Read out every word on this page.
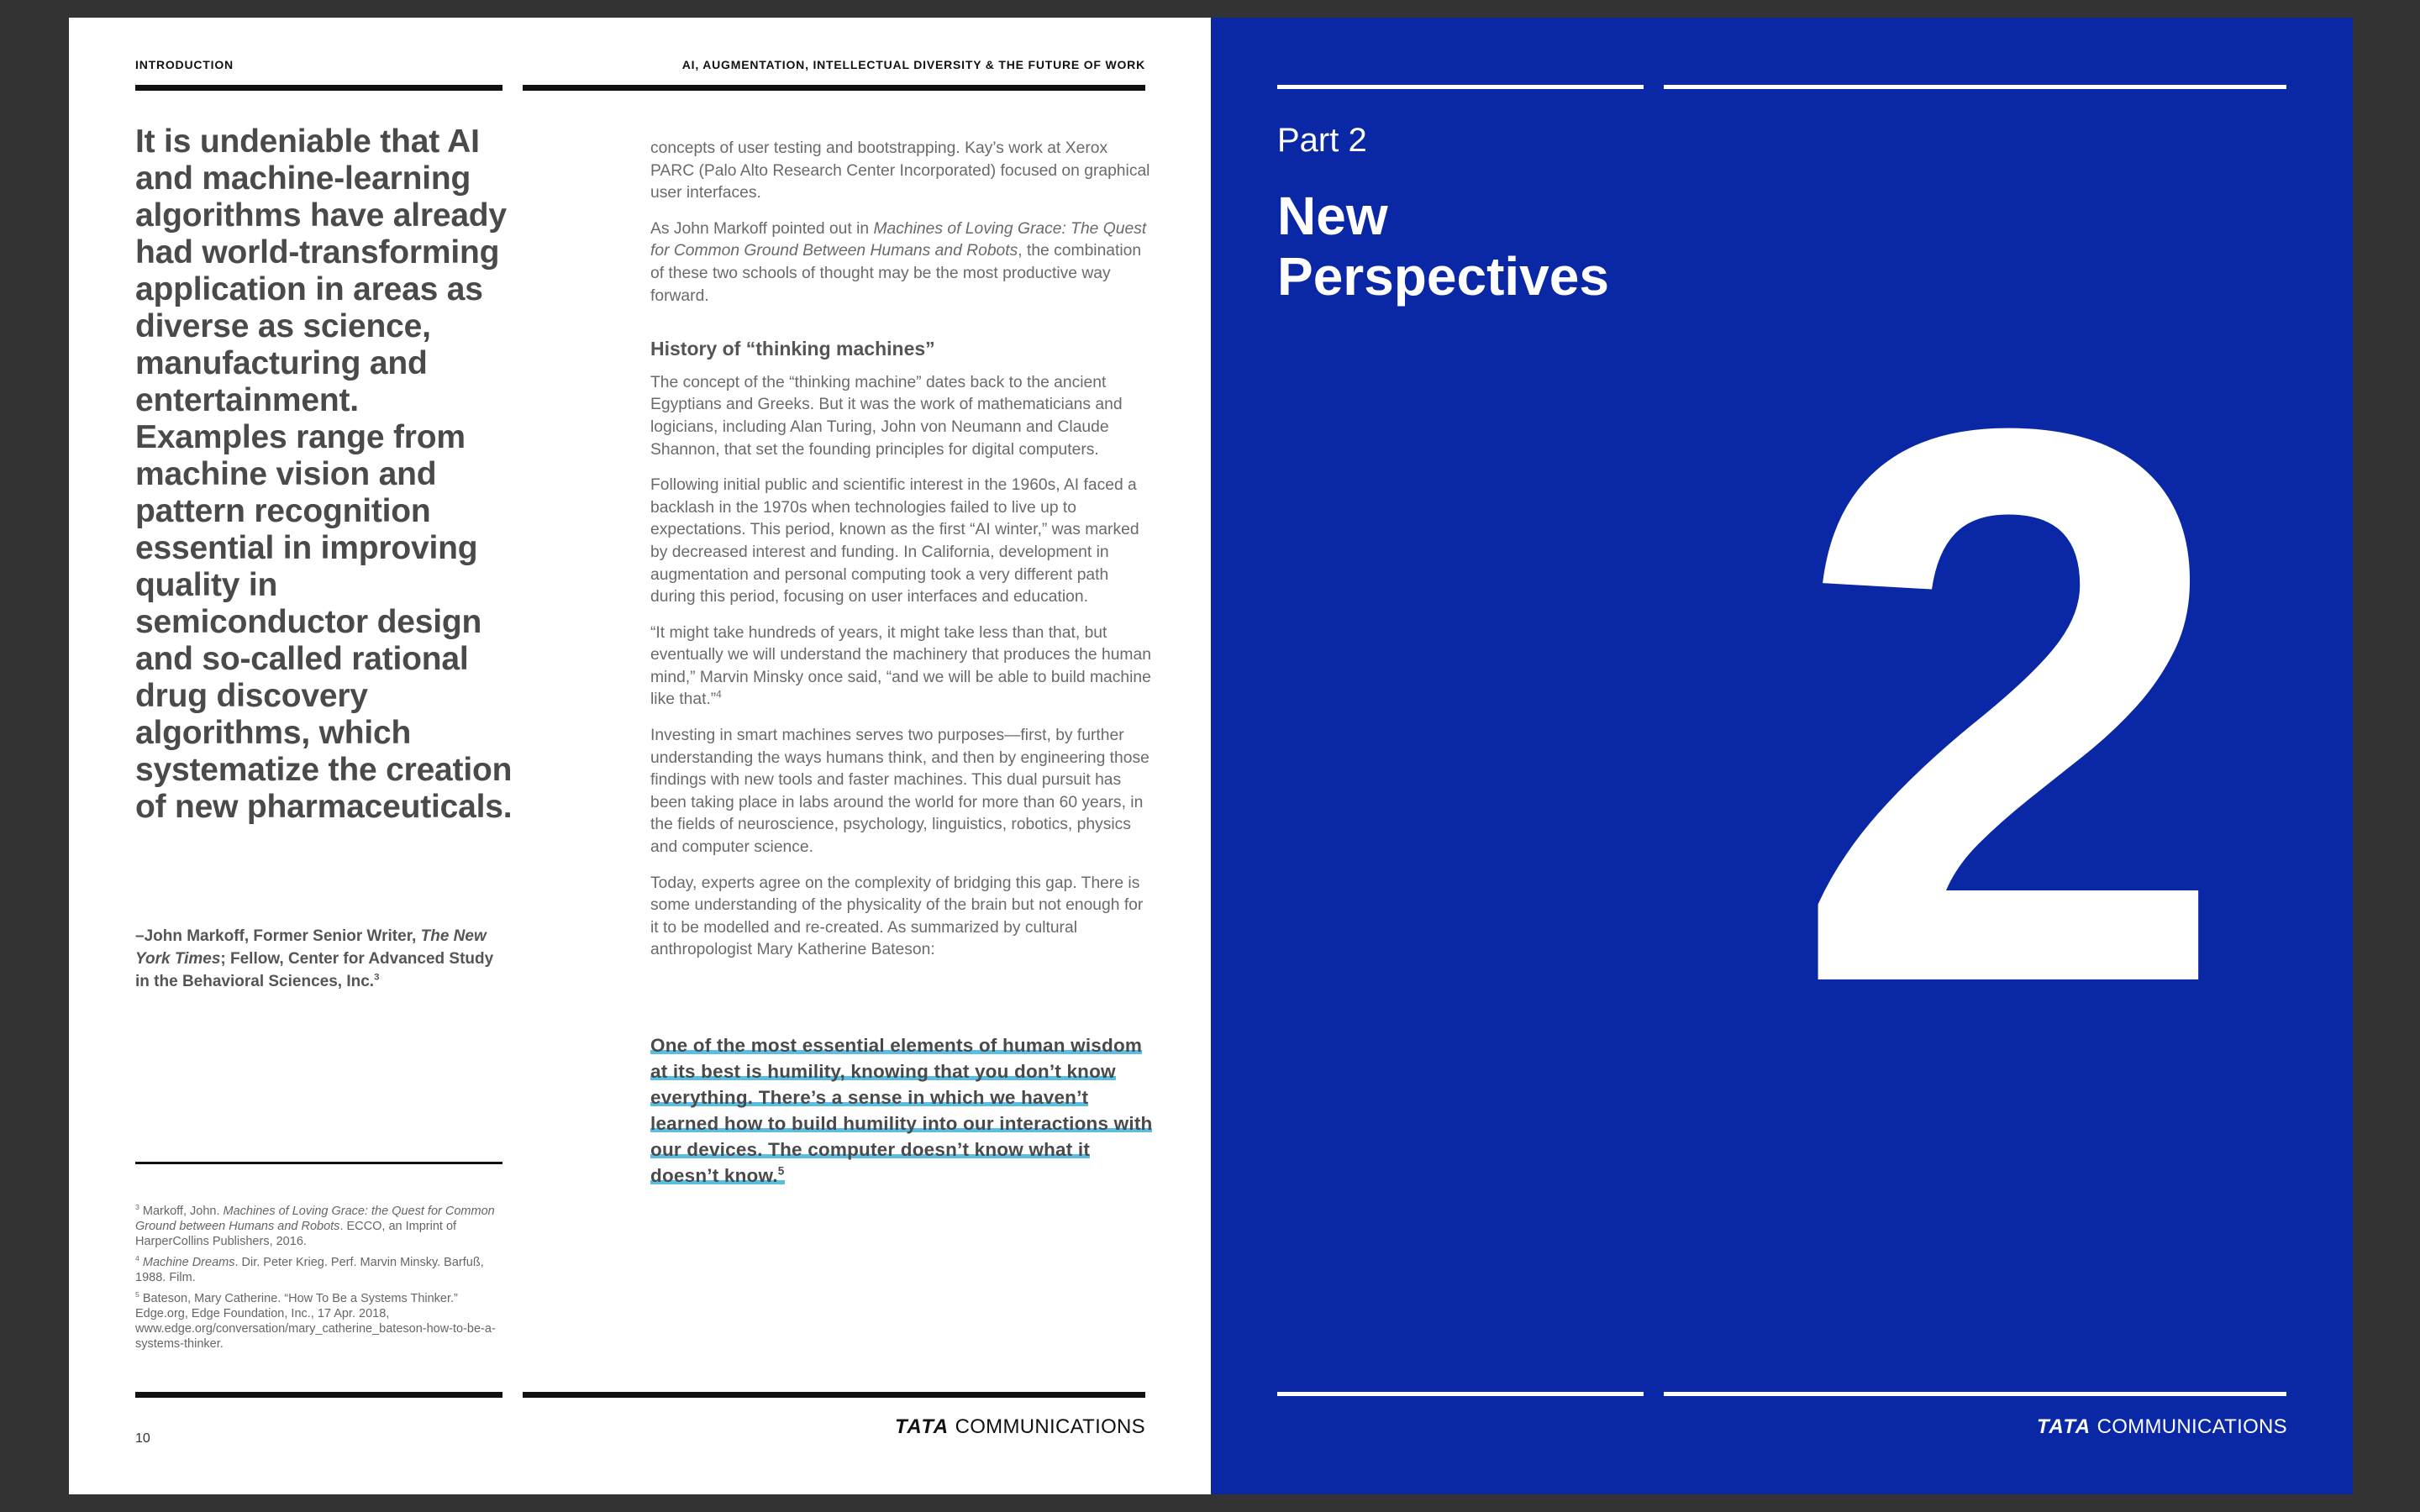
INTRODUCTION	AI, AUGMENTATION, INTELLECTUAL DIVERSITY & THE FUTURE OF WORK
It is undeniable that AI and machine-learning algorithms have already had world-transforming application in areas as diverse as science, manufacturing and entertainment. Examples range from machine vision and pattern recognition essential in improving quality in semiconductor design and so-called rational drug discovery algorithms, which systematize the creation of new pharmaceuticals.
–John Markoff, Former Senior Writer, The New York Times; Fellow, Center for Advanced Study in the Behavioral Sciences, Inc.$^3$

concepts of user testing and bootstrapping. Kay’s work at Xerox PARC (Palo Alto Research Center Incorporated) focused on graphical user interfaces.

As John Markoff pointed out in Machines of Loving Grace: The Quest for Common Ground Between Humans and Robots, the combination of these two schools of thought may be the most productive way forward.

History of “thinking machines”

The concept of the “thinking machine” dates back to the ancient Egyptians and Greeks. But it was the work of mathematicians and logicians, including Alan Turing, John von Neumann and Claude Shannon, that set the founding principles for digital computers.

Following initial public and scientific interest in the 1960s, AI faced a backlash in the 1970s when technologies failed to live up to expectations. This period, known as the first “AI winter,” was marked by decreased interest and funding. In California, development in augmentation and personal computing took a very different path during this period, focusing on user interfaces and education.

“It might take hundreds of years, it might take less than that, but eventually we will understand the machinery that produces the human mind,” Marvin Minsky once said, “and we will be able to build machine like that.”$^4$

Investing in smart machines serves two purposes—first, by further understanding the ways humans think, and then by engineering those findings with new tools and faster machines. This dual pursuit has been taking place in labs around the world for more than 60 years, in the fields of neuroscience, psychology, linguistics, robotics, physics and computer science.

Today, experts agree on the complexity of bridging this gap. There is some understanding of the physicality of the brain but not enough for it to be modelled and re-created. As summarized by cultural anthropologist Mary Katherine Bateson:

One of the most essential elements of human wisdom at its best is humility, knowing that you don’t know everything. There’s a sense in which we haven’t learned how to build humility into our interactions with our devices. The computer doesn’t know what it doesn’t know.$^5$

$^3$ Markoff, John. Machines of Loving Grace: the Quest for Common Ground between Humans and Robots. ECCO, an Imprint of HarperCollins Publishers, 2016.

$^4$ Machine Dreams. Dir. Peter Krieg. Perf. Marvin Minsky. Barfuß, 1988. Film.

$^5$ Bateson, Mary Catherine. “How To Be a Systems Thinker.” Edge.org, Edge Foundation, Inc., 17 Apr. 2018, www.edge.org/conversation/mary_catherine_bateson-how-to-be-a-systems-thinker.

10
TATA COMMUNICATIONS
Part 2
New Perspectives 2
TATA COMMUNICATIONS
